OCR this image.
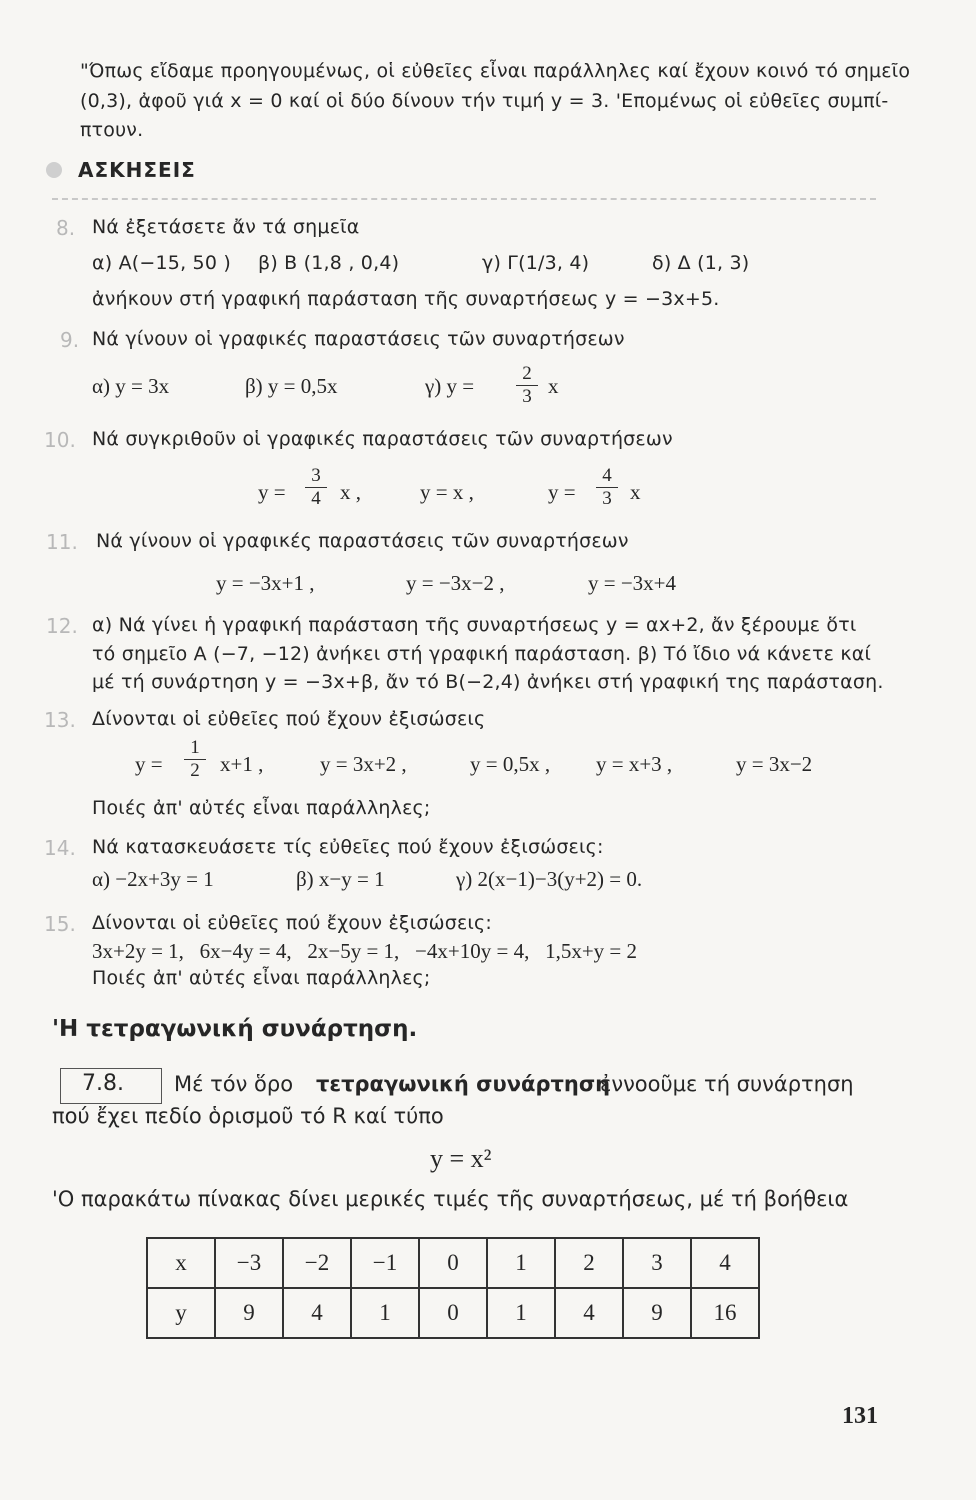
"Όπως εἴδαμε προηγουμένως, οἱ εὐθεῖες εἶναι παράλληλες καί ἔχουν κοινό τό σημεῖο
(0,3), ἀφοῦ γιά x = 0 καί οἱ δύο δίνουν τήν τιμή y = 3. 'Επομένως οἱ εὐθεῖες συμπί-
πτουν.
ΑΣΚΗΣΕΙΣ
8. Νά ἐξετάσετε ἄν τά σημεῖα
α) Α(−15, 50 ) β) Β (1,8 , 0,4)	γ) Γ(1/3, 4)	δ) Δ (1, 3)
ἀνήκουν στή γραφική παράσταση τῆς συναρτήσεως y = −3x+5.
9. Νά γίνουν οἱ γραφικές παραστάσεις τῶν συναρτήσεων
α) y = 3x	β) y = 0,5x	γ) $y = \frac{2}{3}$ x
10. Νά συγκριθοῦν οἱ γραφικές παραστάσεις τῶν συναρτήσεων
$y = \frac{3}{4}$ x ,	y = x ,	$y = \frac{4}{3}$ x
11. Νά γίνουν οἱ γραφικές παραστάσεις τῶν συναρτήσεων
y = −3x+1 ,	y = −3x−2 ,	y = −3x+4
12. α) Νά γίνει ἡ γραφική παράσταση τῆς συναρτήσεως y = αx+2, ἄν ξέρουμε ὅτι
τό σημεῖο Α (−7, −12) ἀνήκει στή γραφική παράσταση. β) Τό ἴδιο νά κάνετε καί
μέ τή συνάρτηση y = −3x+β, ἄν τό Β(−2,4) ἀνήκει στή γραφική της παράσταση.
13. Δίνονται οἱ εὐθεῖες πού ἔχουν ἐξισώσεις
$y = \frac{1}{2} x+1$ ,	y = 3x+2 ,	y = 0,5x , y = x+3 ,	y = 3x−2
Ποιές ἀπ' αὐτές εἶναι παράλληλες;
14. Νά κατασκευάσετε τίς εὐθεῖες πού ἔχουν ἐξισώσεις:
α) −2x+3y = 1	β) x−y = 1	γ) 2(x−1)−3(y+2) = 0.
15. Δίνονται οἱ εὐθεῖες πού ἔχουν ἐξισώσεις:
3x+2y = 1,   6x−4y = 4,   2x−5y = 1,   −4x+10y = 4,   1,5x+y = 2
Ποιές ἀπ' αὐτές εἶναι παράλληλες;
'Η τετραγωνική συνάρτηση.
7.8. Μέ τόν ὅρο τετραγωνική συνάρτηση
ἐννοοῦμε τή συνάρτηση
πού ἔχει πεδίο ὁρισμοῦ τό R καί τύπο
y = x²
'Ο παρακάτω πίνακας δίνει μερικές τιμές τῆς συναρτήσεως, μέ τή βοήθεια
x	−3	−2	−1	0	1	2	3	4
y	9	4	1	0	1	4	9	16
131
